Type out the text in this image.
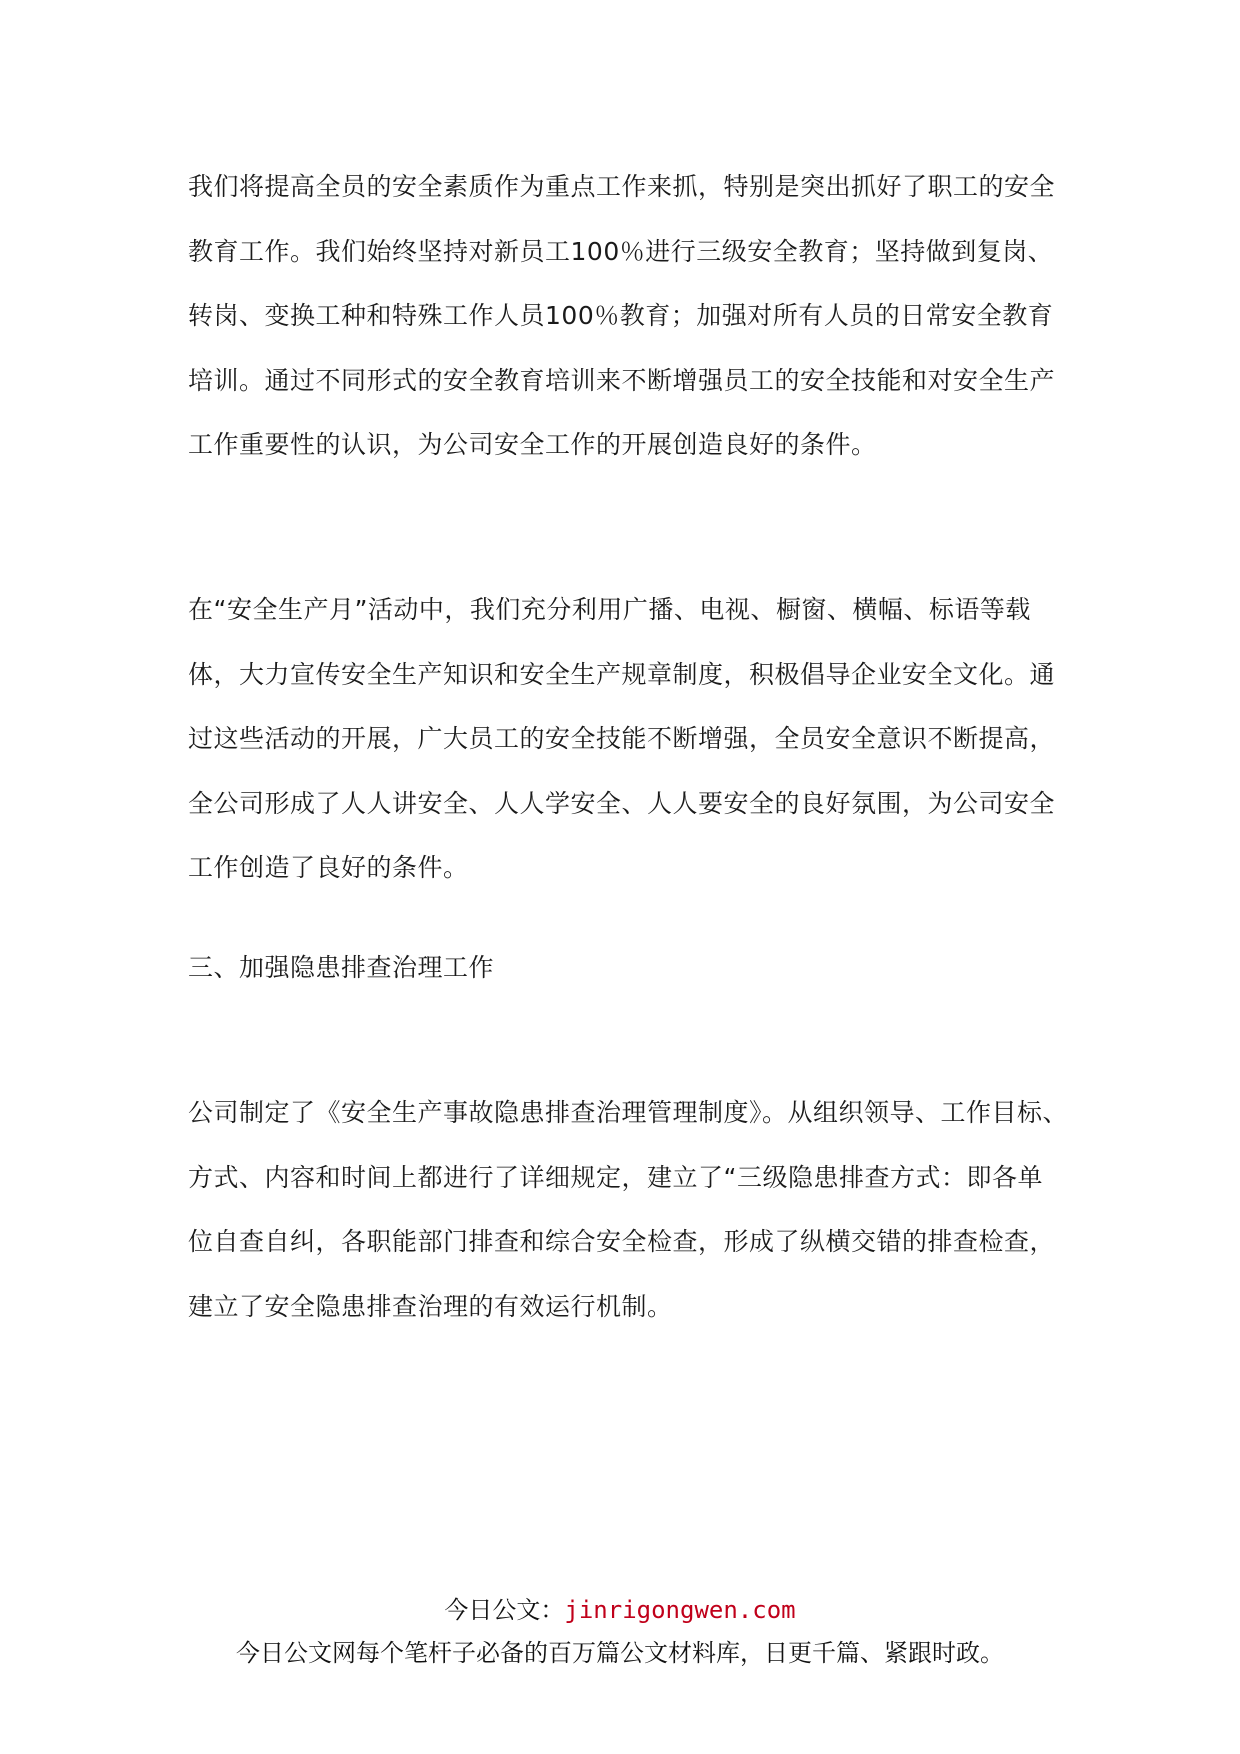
我们将提高全员的安全素质作为重点工作来抓，特别是突出抓好了职工的安全教育工作。我们始终坚持对新员工100％进行三级安全教育；坚持做到复岗、转岗、变换工种和特殊工作人员100％教育；加强对所有人员的日常安全教育培训。通过不同形式的安全教育培训来不断增强员工的安全技能和对安全生产工作重要性的认识，为公司安全工作的开展创造良好的条件。

在“安全生产月”活动中，我们充分利用广播、电视、橱窗、横幅、标语等载体，大力宣传安全生产知识和安全生产规章制度，积极倡导企业安全文化。通过这些活动的开展，广大员工的安全技能不断增强，全员安全意识不断提高，全公司形成了人人讲安全、人人学安全、人人要安全的良好氛围，为公司安全工作创造了良好的条件。

三、加强隐患排查治理工作

公司制定了《安全生产事故隐患排查治理管理制度》。从组织领导、工作目标、方式、内容和时间上都进行了详细规定，建立了“三级隐患排查方式：即各单位自查自纠，各职能部门排查和综合安全检查，形成了纵横交错的排查检查，建立了安全隐患排查治理的有效运行机制。

今日公文：jinrigongwen.com
今日公文网每个笔杆子必备的百万篇公文材料库，日更千篇、紧跟时政。
